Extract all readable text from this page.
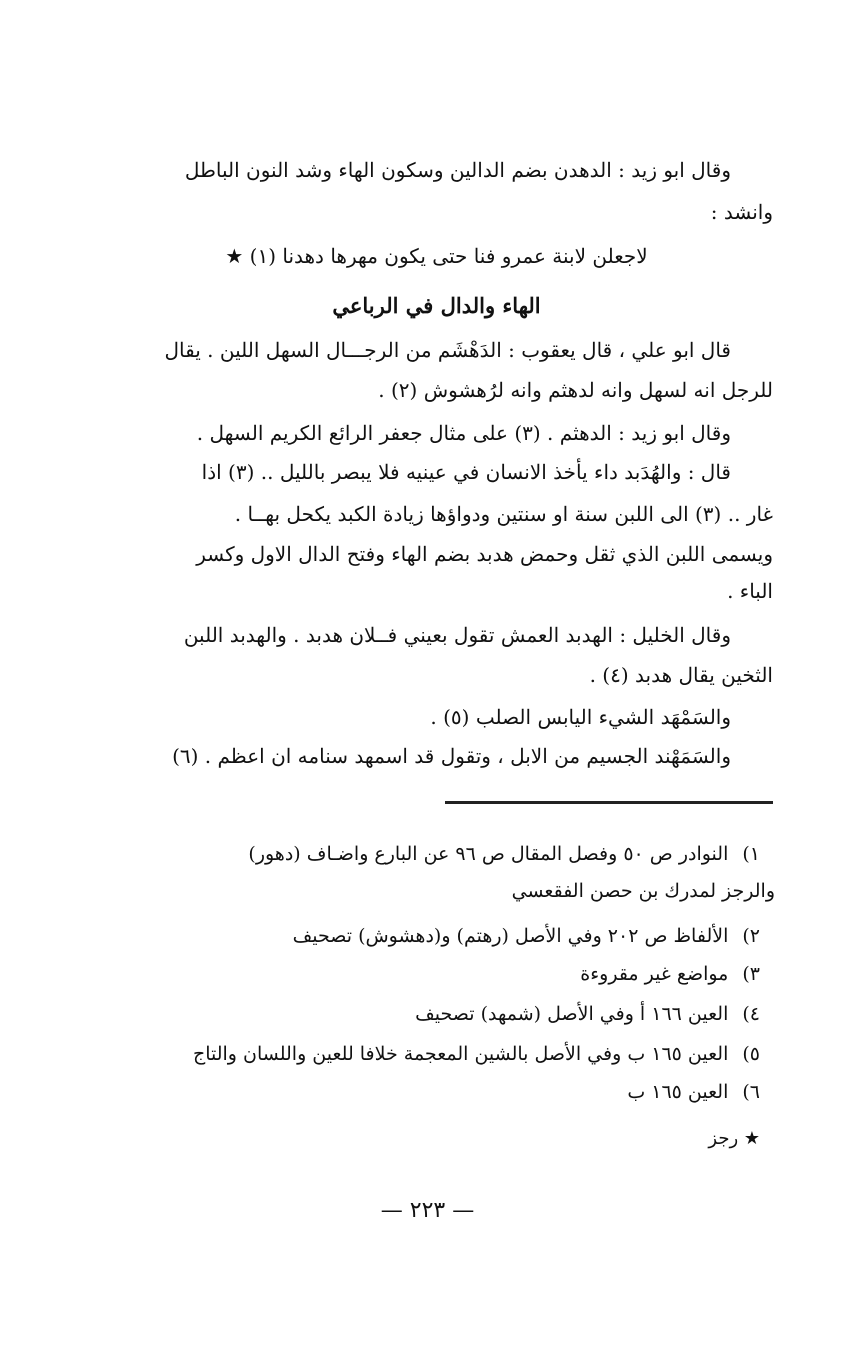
وقال ابو زيد : الدهدن بضم الدالين وسكون الهاء وشد النون الباطل
وانشد :
لاجعلن لابنة عمرو فنا حتى يكون مهرها دهدنا (١) ★
الهاء والدال في الرباعي
قال ابو علي ، قال يعقوب : الدَهْشَم من الرجـــال السهل اللين . يقال
للرجل انه لسهل وانه لدهثم وانه لرُهشوش (٢) .
وقال ابو زيد : الدهثم . (٣) على مثال جعفر الرائع الكريم السهل .
قال : والهُدَبد داء يأخذ الانسان في عينيه فلا يبصر بالليل .. (٣) اذا
غار .. (٣) الى اللبن سنة او سنتين ودواؤها زيادة الكبد يكحل بهــا .
ويسمى اللبن الذي ثقل وحمض هدبد بضم الهاء وفتح الدال الاول وكسر
الباء .
وقال الخليل : الهدبد العمش تقول بعيني فــلان هدبد . والهدبد اللبن
الثخين يقال هدبد (٤) .
والسَمْهَد الشيء اليابس الصلب (٥) .
والسَمَهْند الجسيم من الابل ، وتقول قد اسمهد سنامه ان اعظم . (٦)
١)النوادر ص ٥٠ وفصل المقال ص ٩٦ عن البارع واضـاف (دهور)
والرجز لمدرك بن حصن الفقعسي
٢)الألفاظ ص ٢٠٢ وفي الأصل (رهتم) و(دهشوش) تصحيف
٣)مواضع غير مقروءة
٤)العين ١٦٦ أ وفي الأصل (شمهد) تصحيف
٥)العين ١٦٥ ب وفي الأصل بالشين المعجمة خلافا للعين واللسان والتاج
٦)العين ١٦٥ ب
★ رجز
— ٢٢٣ —
